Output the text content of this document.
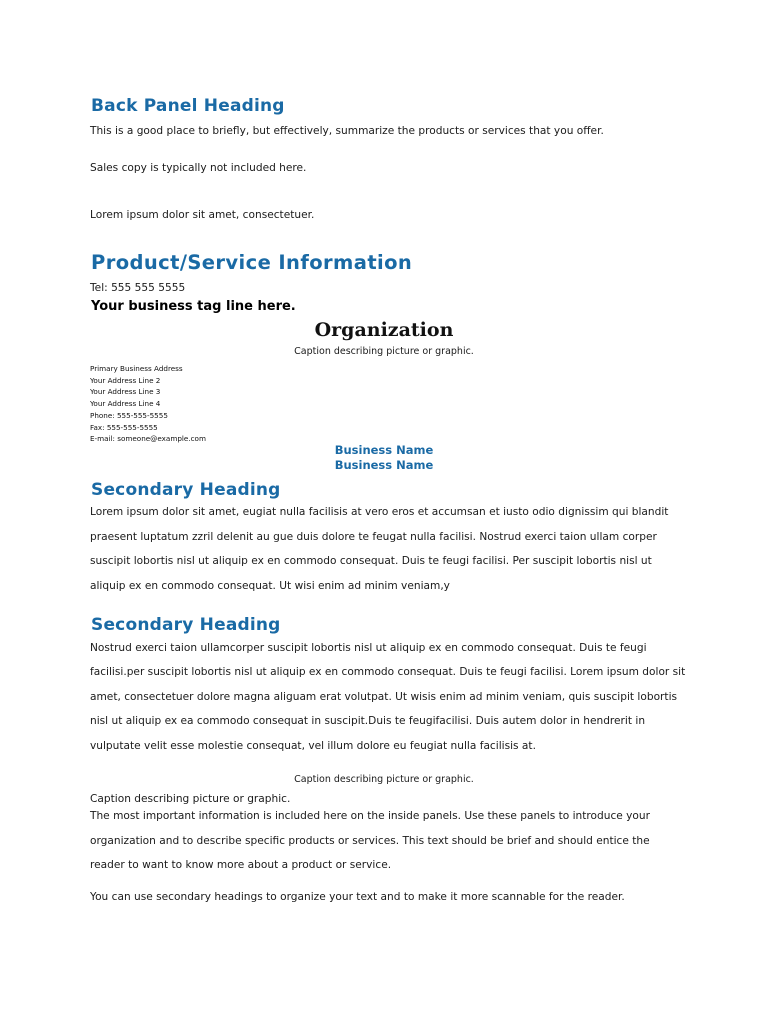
Back Panel Heading
This is a good place to briefly, but effectively, summarize the products or services that you offer.
Sales copy is typically not included here.
Lorem ipsum dolor sit amet, consectetuer.
Product/Service Information
Tel: 555 555 5555
Your business tag line here.
Organization
Caption describing picture or graphic.
Primary Business Address
Your Address Line 2
Your Address Line 3
Your Address Line 4
Phone: 555-555-5555
Fax: 555-555-5555
E-mail: someone@example.com
Business Name
Business Name
Secondary Heading
Lorem ipsum dolor sit amet, eugiat nulla facilisis at vero eros et accumsan et iusto odio dignissim qui blandit
praesent luptatum zzril delenit au gue duis dolore te feugat nulla facilisi. Nostrud exerci taion ullam corper
suscipit lobortis nisl ut aliquip ex en commodo consequat. Duis te feugi facilisi. Per suscipit lobortis nisl ut
aliquip ex en commodo consequat. Ut wisi enim ad minim veniam,y
Secondary Heading
Nostrud exerci taion ullamcorper suscipit lobortis nisl ut aliquip ex en commodo consequat. Duis te feugi
facilisi.per suscipit lobortis nisl ut aliquip ex en commodo consequat. Duis te feugi facilisi. Lorem ipsum dolor sit
amet, consectetuer dolore magna aliguam erat volutpat. Ut wisis enim ad minim veniam, quis suscipit lobortis
nisl ut aliquip ex ea commodo consequat in suscipit.Duis te feugifacilisi. Duis autem dolor in hendrerit in
vulputate velit esse molestie consequat, vel illum dolore eu feugiat nulla facilisis at.
Caption describing picture or graphic.
Caption describing picture or graphic.
The most important information is included here on the inside panels. Use these panels to introduce your
organization and to describe specific products or services. This text should be brief and should entice the
reader to want to know more about a product or service.
You can use secondary headings to organize your text and to make it more scannable for the reader.
